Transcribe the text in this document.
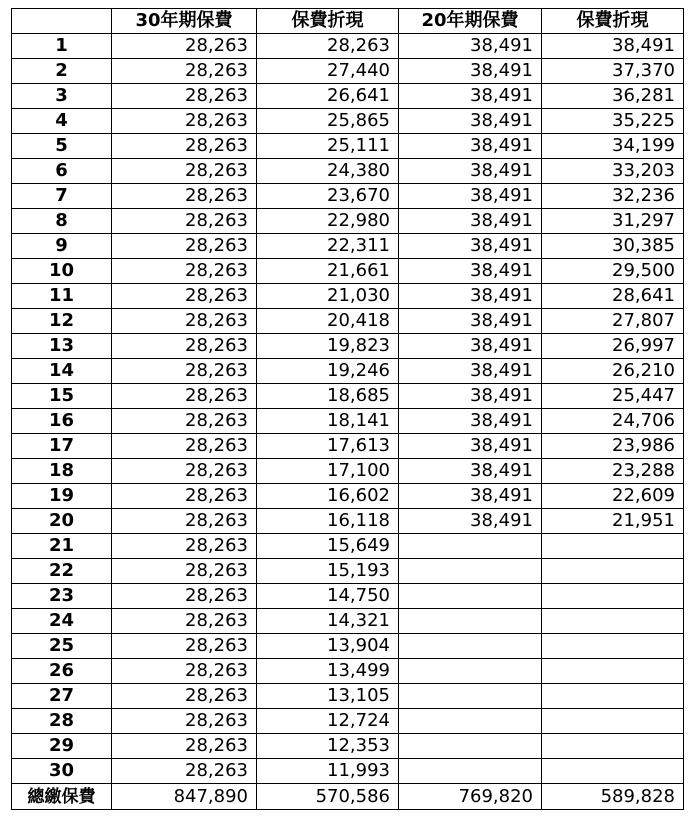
	30年期保費	保費折現	20年期保費	保費折現
1	28,263	28,263	38,491	38,491
2	28,263	27,440	38,491	37,370
3	28,263	26,641	38,491	36,281
4	28,263	25,865	38,491	35,225
5	28,263	25,111	38,491	34,199
6	28,263	24,380	38,491	33,203
7	28,263	23,670	38,491	32,236
8	28,263	22,980	38,491	31,297
9	28,263	22,311	38,491	30,385
10	28,263	21,661	38,491	29,500
11	28,263	21,030	38,491	28,641
12	28,263	20,418	38,491	27,807
13	28,263	19,823	38,491	26,997
14	28,263	19,246	38,491	26,210
15	28,263	18,685	38,491	25,447
16	28,263	18,141	38,491	24,706
17	28,263	17,613	38,491	23,986
18	28,263	17,100	38,491	23,288
19	28,263	16,602	38,491	22,609
20	28,263	16,118	38,491	21,951
21	28,263	15,649		
22	28,263	15,193		
23	28,263	14,750		
24	28,263	14,321		
25	28,263	13,904		
26	28,263	13,499		
27	28,263	13,105		
28	28,263	12,724		
29	28,263	12,353		
30	28,263	11,993		
總繳保費	847,890	570,586	769,820	589,828
